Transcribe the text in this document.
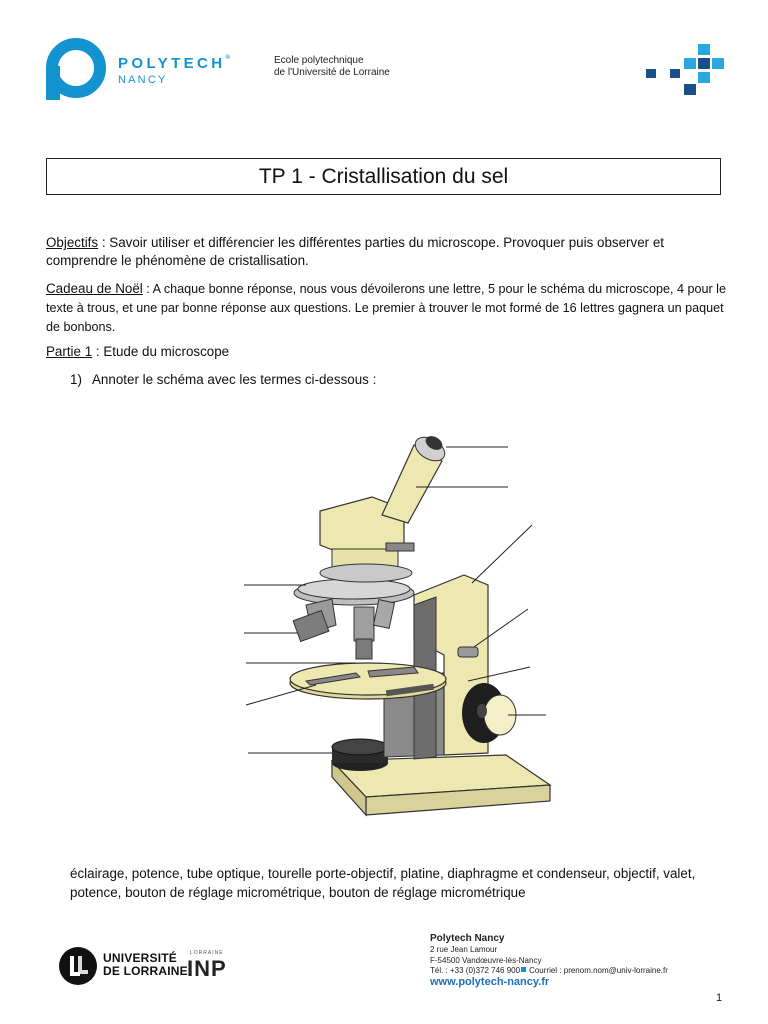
POLYTECH®
NANCY
Ecole polytechnique
de l'Université de Lorraine
TP 1 - Cristallisation du sel
Objectifs : Savoir utiliser et différencier les différentes parties du microscope. Provoquer puis observer et comprendre le phénomène de cristallisation.
Cadeau de Noël : A chaque bonne réponse, nous vous dévoilerons une lettre, 5 pour le schéma du microscope, 4 pour le texte à trous, et une par bonne réponse aux questions. Le premier à trouver le mot formé de 16 lettres gagnera un paquet de bonbons.
Partie 1 : Etude du microscope
1) Annoter le schéma avec les termes ci-dessous :
éclairage, potence, tube optique, tourelle porte-objectif, platine, diaphragme et condenseur, objectif, valet, potence, bouton de réglage micrométrique, bouton de réglage micrométrique
UNIVERSITÉ
DE LORRAINE
LORRAINE
INP
Polytech Nancy
2 rue Jean Lamour
F-54500 Vandœuvre-lès-Nancy
Tél. : +33 (0)372 746 900 Courriel : prenom.nom@univ-lorraine.fr
www.polytech-nancy.fr
1
